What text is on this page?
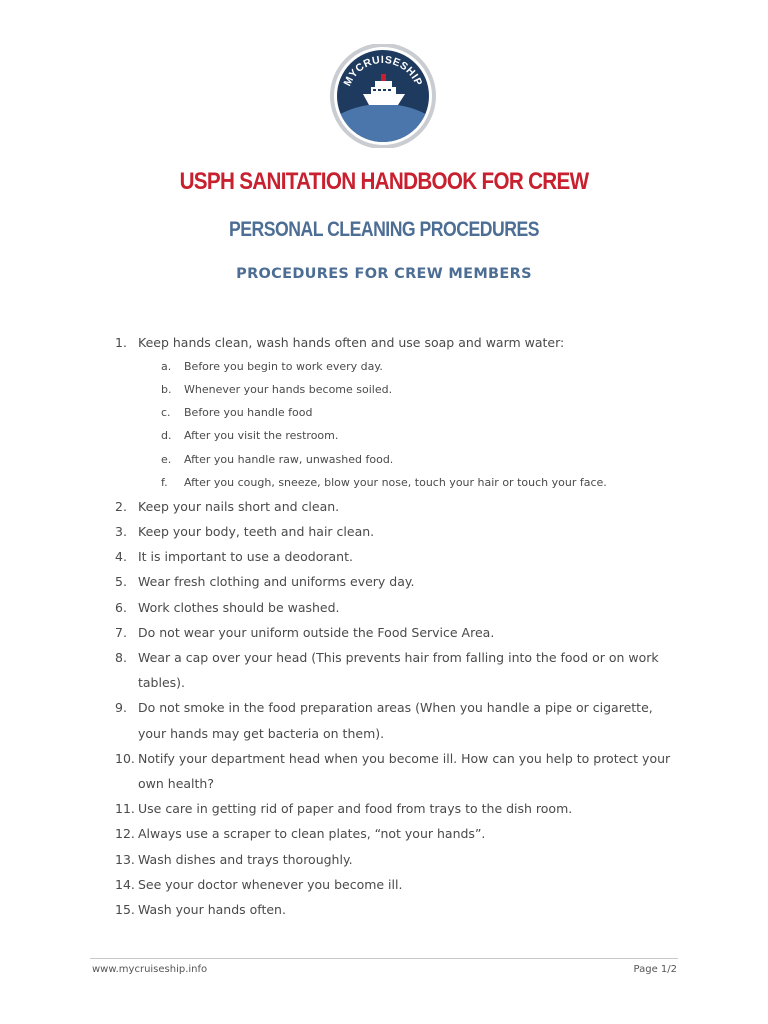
MYCRUISESHIP
USPH SANITATION HANDBOOK FOR CREW
PERSONAL CLEANING PROCEDURES
PROCEDURES FOR CREW MEMBERS
1. Keep hands clean, wash hands often and use soap and warm water:
a. Before you begin to work every day.
b. Whenever your hands become soiled.
c. Before you handle food
d. After you visit the restroom.
e. After you handle raw, unwashed food.
f. After you cough, sneeze, blow your nose, touch your hair or touch your face.
2. Keep your nails short and clean.
3. Keep your body, teeth and hair clean.
4. It is important to use a deodorant.
5. Wear fresh clothing and uniforms every day.
6. Work clothes should be washed.
7. Do not wear your uniform outside the Food Service Area.
8. Wear a cap over your head (This prevents hair from falling into the food or on work tables).
9. Do not smoke in the food preparation areas (When you handle a pipe or cigarette, your hands may get bacteria on them).
10. Notify your department head when you become ill. How can you help to protect your own health?
11. Use care in getting rid of paper and food from trays to the dish room.
12. Always use a scraper to clean plates, “not your hands”.
13. Wash dishes and trays thoroughly.
14. See your doctor whenever you become ill.
15. Wash your hands often.
www.mycruiseship.info	Page 1/2
